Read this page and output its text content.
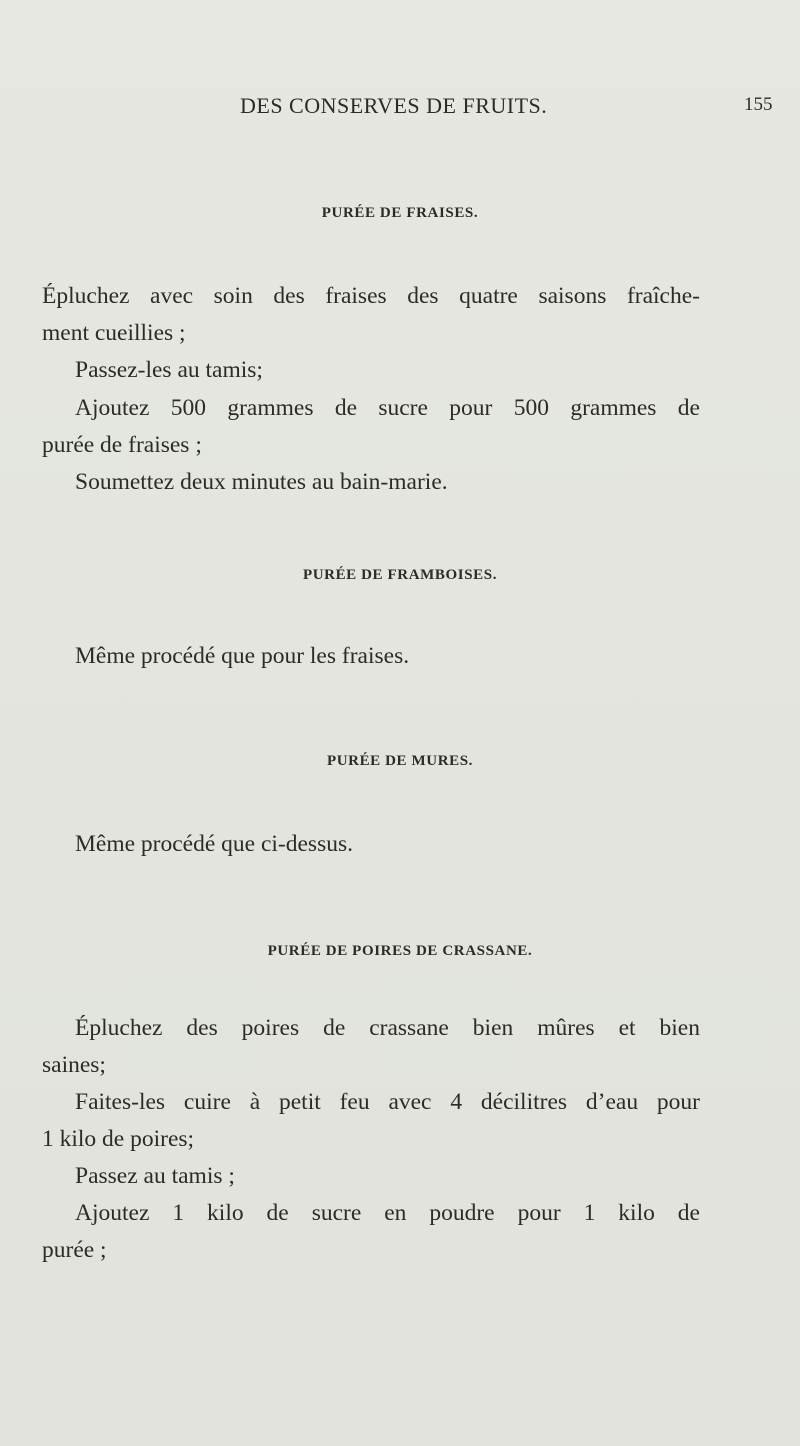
DES CONSERVES DE FRUITS.	155
PURÉE DE FRAISES.
Épluchez avec soin des fraises des quatre saisons fraîche-
ment cueillies ;
Passez-les au tamis;
Ajoutez 500 grammes de sucre pour 500 grammes de
purée de fraises ;
Soumettez deux minutes au bain-marie.
PURÉE DE FRAMBOISES.
Même procédé que pour les fraises.
PURÉE DE MURES.
Même procédé que ci-dessus.
PURÉE DE POIRES DE CRASSANE.
Épluchez des poires de crassane bien mûres et bien
saines;
Faites-les cuire à petit feu avec 4 décilitres d’eau pour
1 kilo de poires;
Passez au tamis ;
Ajoutez 1 kilo de sucre en poudre pour 1 kilo de
purée ;
